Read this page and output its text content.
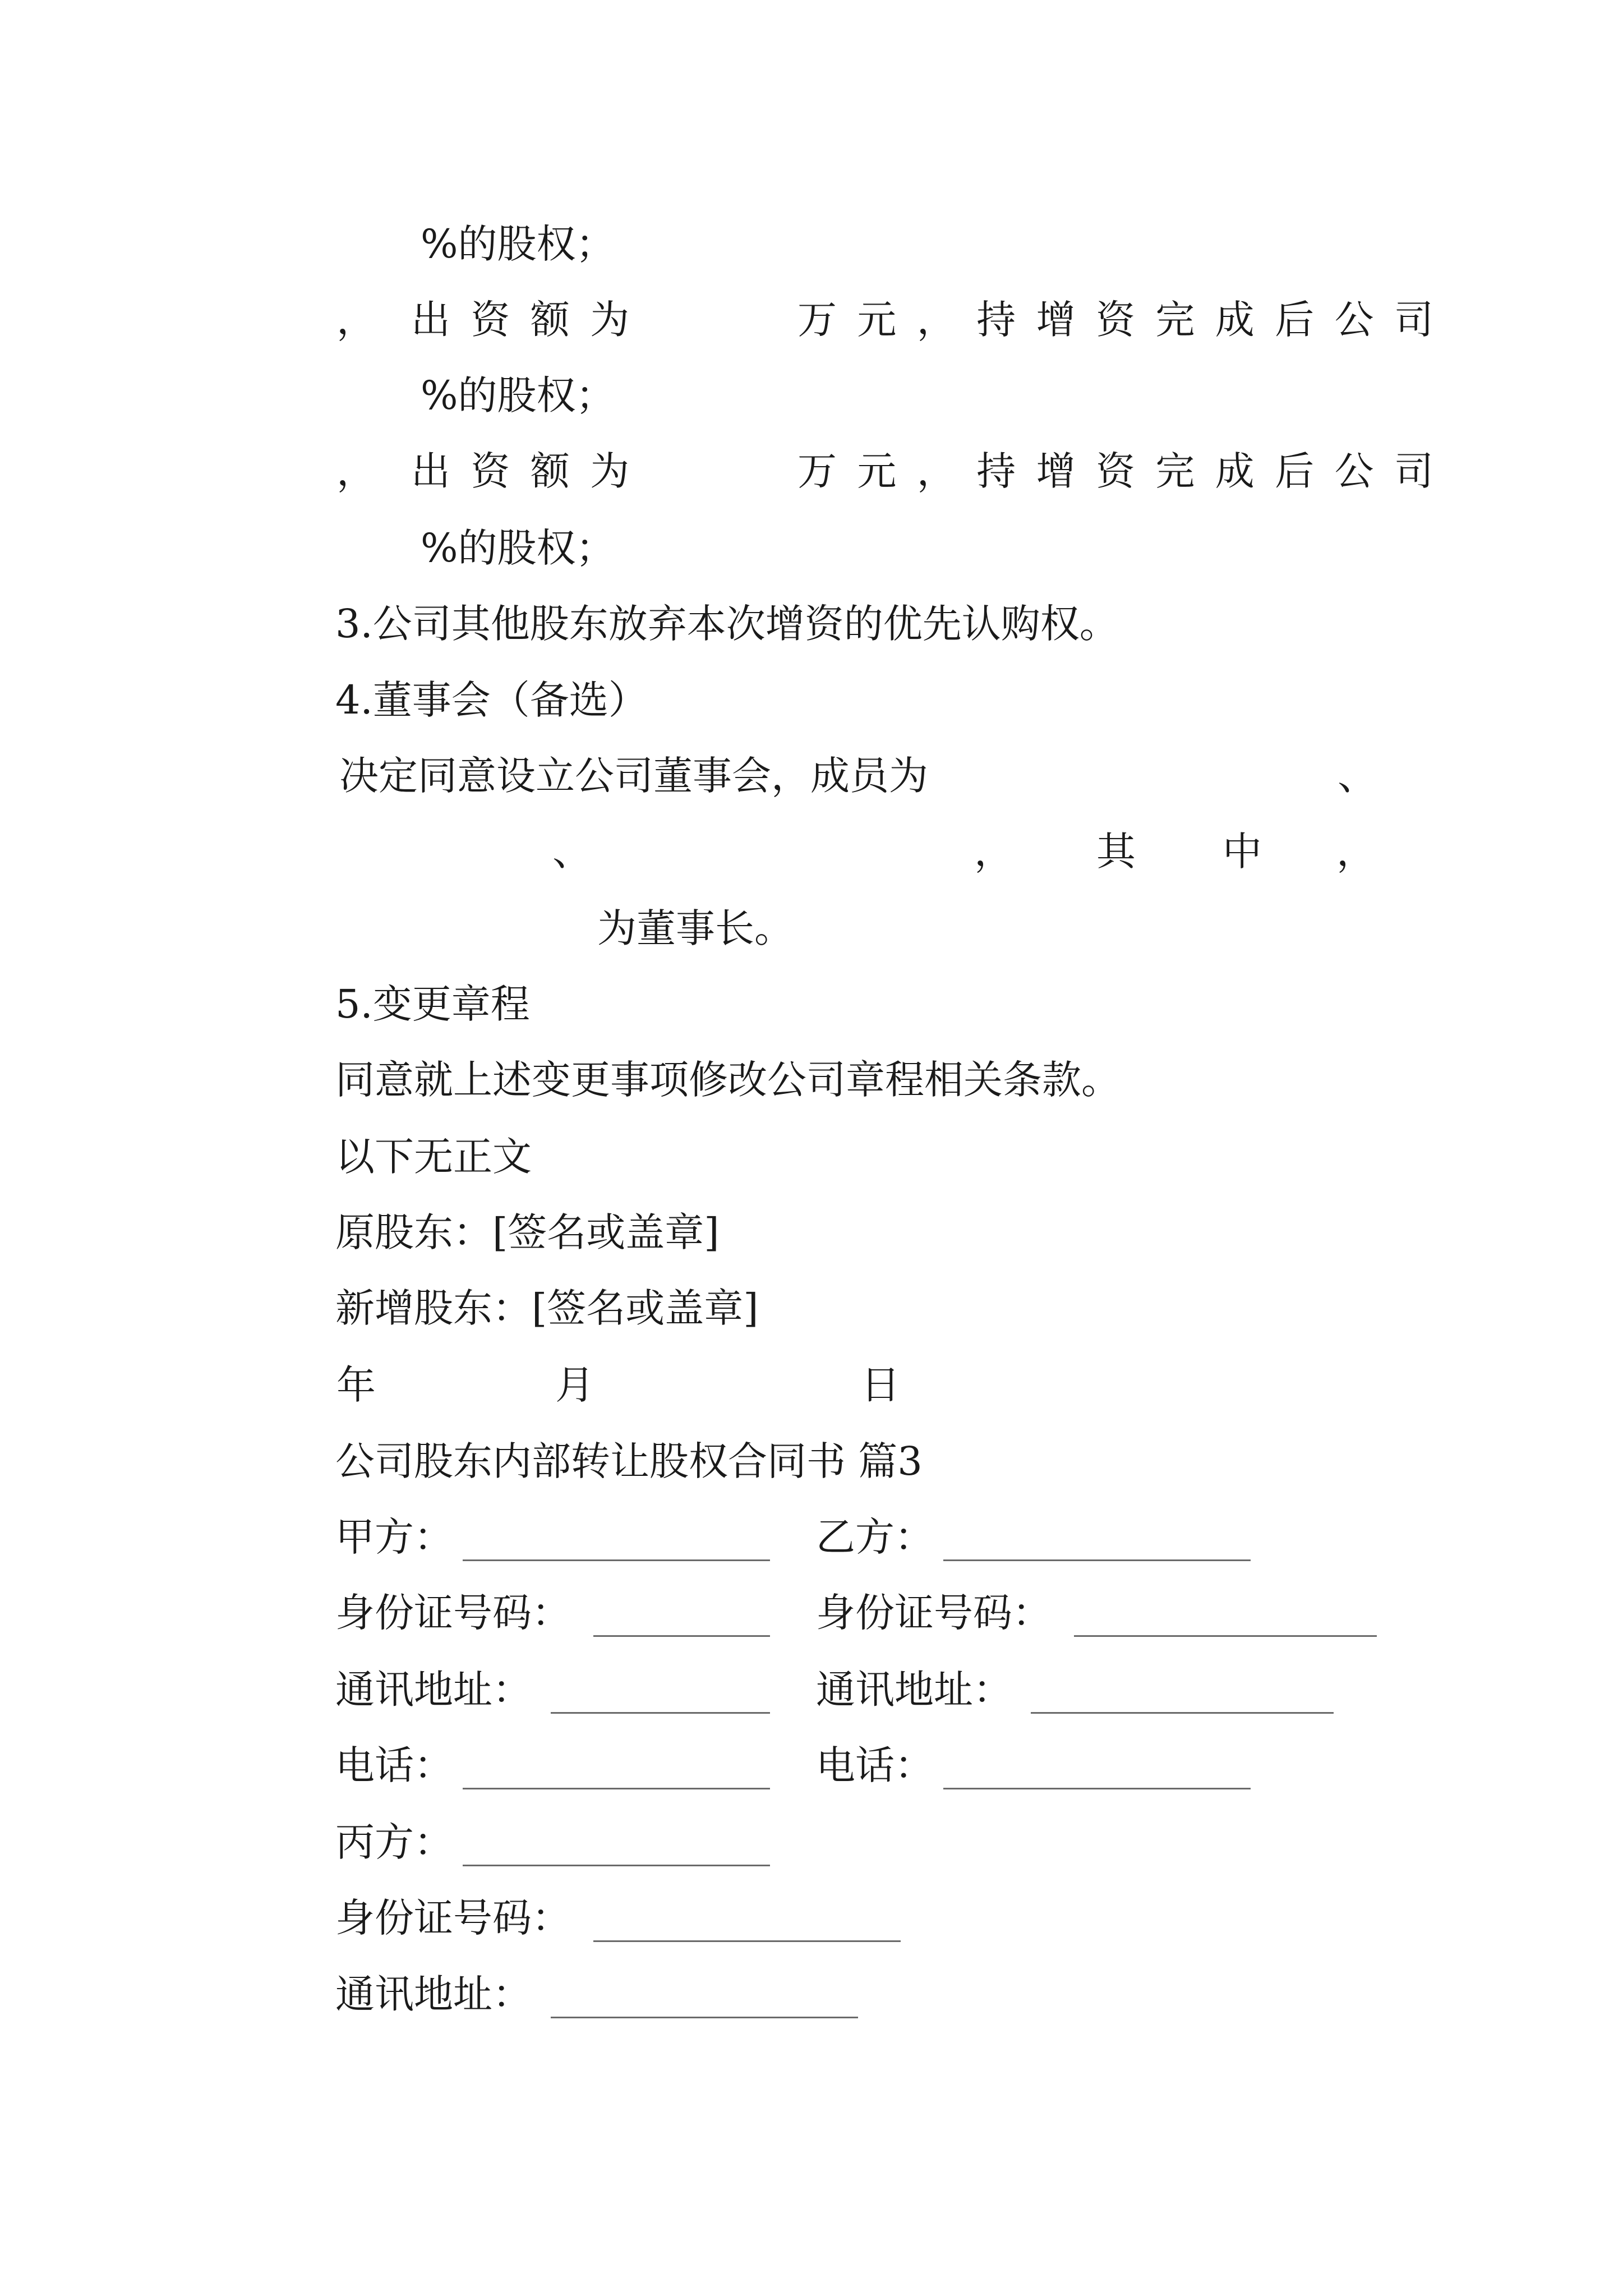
%的股权；

， 出资额为	万元，持增资完成后公司

%的股权；

， 出资额为	万元，持增资完成后公司

%的股权；

3.公司其他股东放弃本次增资的优先认购权。

4.董事会（备选）

决定同意设立公司董事会，成员为	、

、	， 其 中 ，

为董事长。

5.变更章程

同意就上述变更事项修改公司章程相关条款。

以下无正文

原股东：[签名或盖章]

新增股东：[签名或盖章]

年	月	日

公司股东内部转让股权合同书 篇3

甲方：	乙方：

身份证号码：	身份证号码：

通讯地址：	通讯地址：

电话：	电话：

丙方：

身份证号码：

通讯地址：
